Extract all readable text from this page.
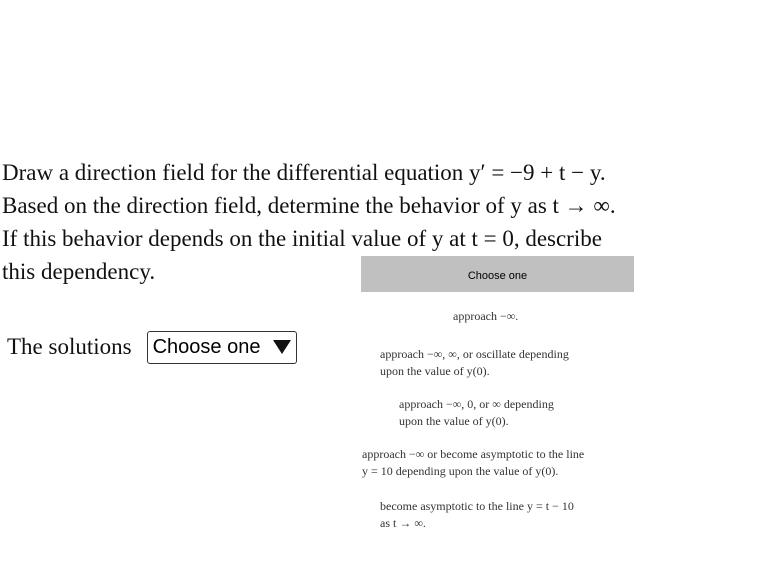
Draw a direction field for the differential equation y′ = −9 + t − y.
Based on the direction field, determine the behavior of y as t → ∞.
If this behavior depends on the initial value of y at t = 0, describe
this dependency.
The solutions Choose one
Choose one
approach −∞.
approach −∞, ∞, or oscillate depending
upon the value of y(0).
approach −∞, 0, or ∞ depending
upon the value of y(0).
approach −∞ or become asymptotic to the line
y = 10 depending upon the value of y(0).
become asymptotic to the line y = t − 10
as t → ∞.
